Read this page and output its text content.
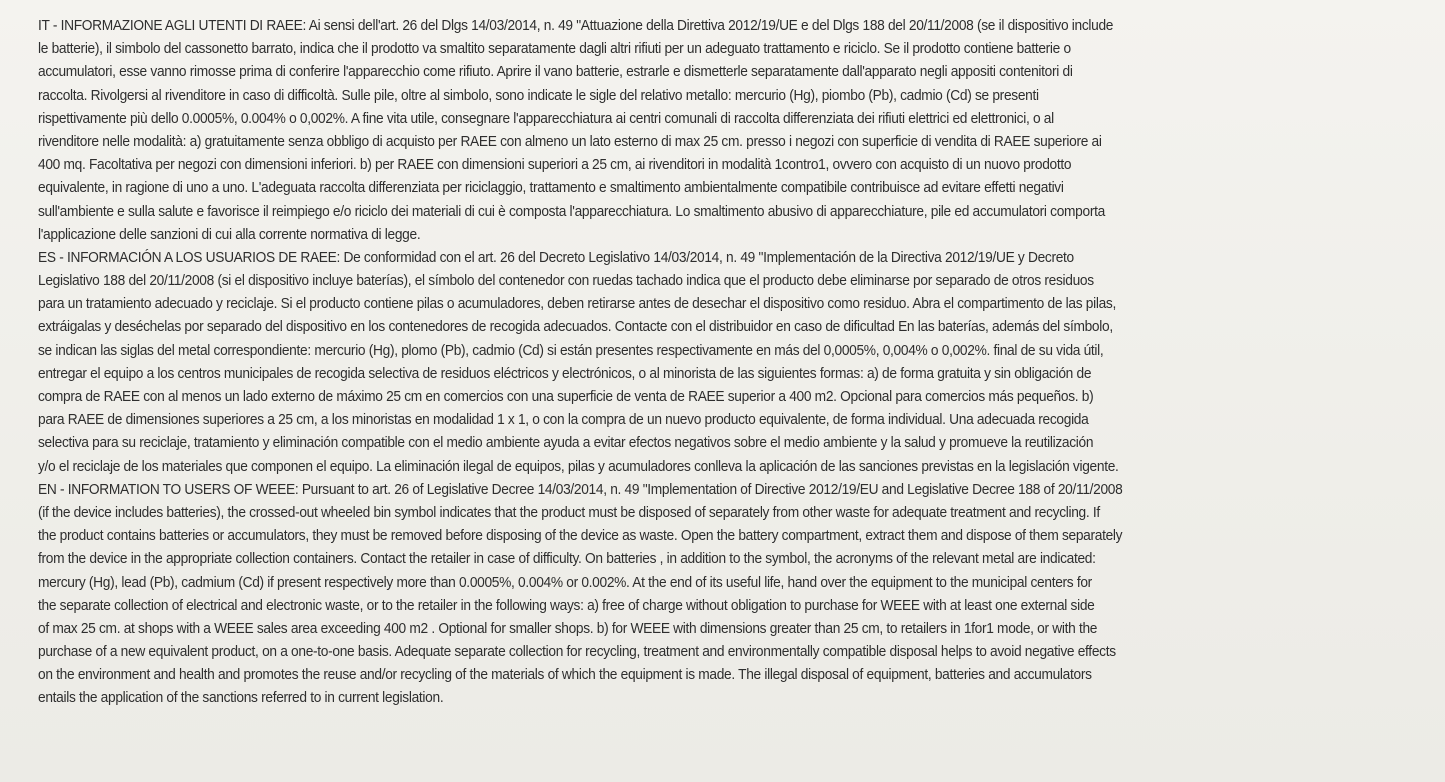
IT - INFORMAZIONE AGLI UTENTI DI RAEE: Ai sensi dell'art. 26 del Dlgs 14/03/2014, n. 49 "Attuazione della Direttiva 2012/19/UE e del Dlgs 188 del 20/11/2008 (se il dispositivo include
le batterie), il simbolo del cassonetto barrato, indica che il prodotto va smaltito separatamente dagli altri rifiuti per un adeguato trattamento e riciclo. Se il prodotto contiene batterie o
accumulatori, esse vanno rimosse prima di conferire l'apparecchio come rifiuto. Aprire il vano batterie, estrarle e dismetterle separatamente dall'apparato negli appositi contenitori di
raccolta. Rivolgersi al rivenditore in caso di difficoltà. Sulle pile, oltre al simbolo, sono indicate le sigle del relativo metallo: mercurio (Hg), piombo (Pb), cadmio (Cd) se presenti
rispettivamente più dello 0.0005%, 0.004% o 0,002%. A fine vita utile, consegnare l'apparecchiatura ai centri comunali di raccolta differenziata dei rifiuti elettrici ed elettronici, o al
rivenditore nelle modalità: a) gratuitamente senza obbligo di acquisto per RAEE con almeno un lato esterno di max 25 cm. presso i negozi con superficie di vendita di RAEE superiore ai
400 mq. Facoltativa per negozi con dimensioni inferiori. b) per RAEE con dimensioni superiori a 25 cm, ai rivenditori in modalità 1contro1, ovvero con acquisto di un nuovo prodotto
equivalente, in ragione di uno a uno. L'adeguata raccolta differenziata per riciclaggio, trattamento e smaltimento ambientalmente compatibile contribuisce ad evitare effetti negativi
sull'ambiente e sulla salute e favorisce il reimpiego e/o riciclo dei materiali di cui è composta l'apparecchiatura. Lo smaltimento abusivo di apparecchiature, pile ed accumulatori comporta
l'applicazione delle sanzioni di cui alla corrente normativa di legge.
ES - INFORMACIÓN A LOS USUARIOS DE RAEE: De conformidad con el art. 26 del Decreto Legislativo 14/03/2014, n. 49 "Implementación de la Directiva 2012/19/UE y Decreto
Legislativo 188 del 20/11/2008 (si el dispositivo incluye baterías), el símbolo del contenedor con ruedas tachado indica que el producto debe eliminarse por separado de otros residuos
para un tratamiento adecuado y reciclaje. Si el producto contiene pilas o acumuladores, deben retirarse antes de desechar el dispositivo como residuo. Abra el compartimento de las pilas,
extráigalas y deséchelas por separado del dispositivo en los contenedores de recogida adecuados. Contacte con el distribuidor en caso de dificultad En las baterías, además del símbolo,
se indican las siglas del metal correspondiente: mercurio (Hg), plomo (Pb), cadmio (Cd) si están presentes respectivamente en más del 0,0005%, 0,004% o 0,002%. final de su vida útil,
entregar el equipo a los centros municipales de recogida selectiva de residuos eléctricos y electrónicos, o al minorista de las siguientes formas: a) de forma gratuita y sin obligación de
compra de RAEE con al menos un lado externo de máximo 25 cm en comercios con una superficie de venta de RAEE superior a 400 m2. Opcional para comercios más pequeños. b)
para RAEE de dimensiones superiores a 25 cm, a los minoristas en modalidad 1 x 1, o con la compra de un nuevo producto equivalente, de forma individual. Una adecuada recogida
selectiva para su reciclaje, tratamiento y eliminación compatible con el medio ambiente ayuda a evitar efectos negativos sobre el medio ambiente y la salud y promueve la reutilización
y/o el reciclaje de los materiales que componen el equipo. La eliminación ilegal de equipos, pilas y acumuladores conlleva la aplicación de las sanciones previstas en la legislación vigente.
EN - INFORMATION TO USERS OF WEEE: Pursuant to art. 26 of Legislative Decree 14/03/2014, n. 49 "Implementation of Directive 2012/19/EU and Legislative Decree 188 of 20/11/2008
(if the device includes batteries), the crossed-out wheeled bin symbol indicates that the product must be disposed of separately from other waste for adequate treatment and recycling. If
the product contains batteries or accumulators, they must be removed before disposing of the device as waste. Open the battery compartment, extract them and dispose of them separately
from the device in the appropriate collection containers. Contact the retailer in case of difficulty. On batteries , in addition to the symbol, the acronyms of the relevant metal are indicated:
mercury (Hg), lead (Pb), cadmium (Cd) if present respectively more than 0.0005%, 0.004% or 0.002%. At the end of its useful life, hand over the equipment to the municipal centers for
the separate collection of electrical and electronic waste, or to the retailer in the following ways: a) free of charge without obligation to purchase for WEEE with at least one external side
of max 25 cm. at shops with a WEEE sales area exceeding 400 m2 . Optional for smaller shops. b) for WEEE with dimensions greater than 25 cm, to retailers in 1for1 mode, or with the
purchase of a new equivalent product, on a one-to-one basis. Adequate separate collection for recycling, treatment and environmentally compatible disposal helps to avoid negative effects
on the environment and health and promotes the reuse and/or recycling of the materials of which the equipment is made. The illegal disposal of equipment, batteries and accumulators
entails the application of the sanctions referred to in current legislation.
